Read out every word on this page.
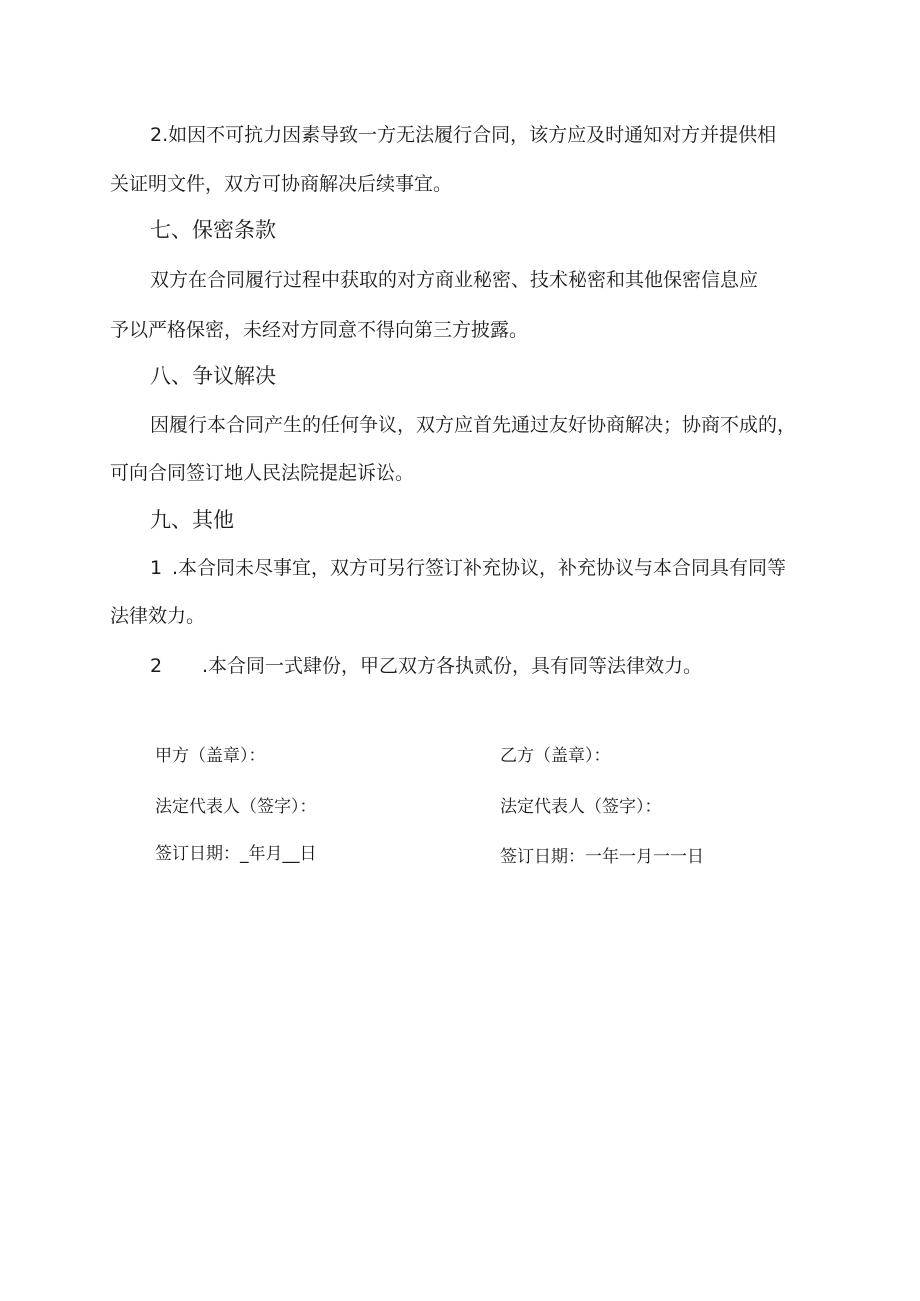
2.如因不可抗力因素导致一方无法履行合同，该方应及时通知对方并提供相
关证明文件，双方可协商解决后续事宜。
七、保密条款
双方在合同履行过程中获取的对方商业秘密、技术秘密和其他保密信息应
予以严格保密，未经对方同意不得向第三方披露。
八、争议解决
因履行本合同产生的任何争议，双方应首先通过友好协商解决；协商不成的，
可向合同签订地人民法院提起诉讼。
九、其他
1 .本合同未尽事宜，双方可另行签订补充协议，补充协议与本合同具有同等
法律效力。
2 .本合同一式肆份，甲乙双方各执贰份，具有同等法律效力。
甲方（盖章）：
法定代表人（签字）：
签订日期：_年月__日
乙方（盖章）：
法定代表人（签字）：
签订日期：一年一月一一日
